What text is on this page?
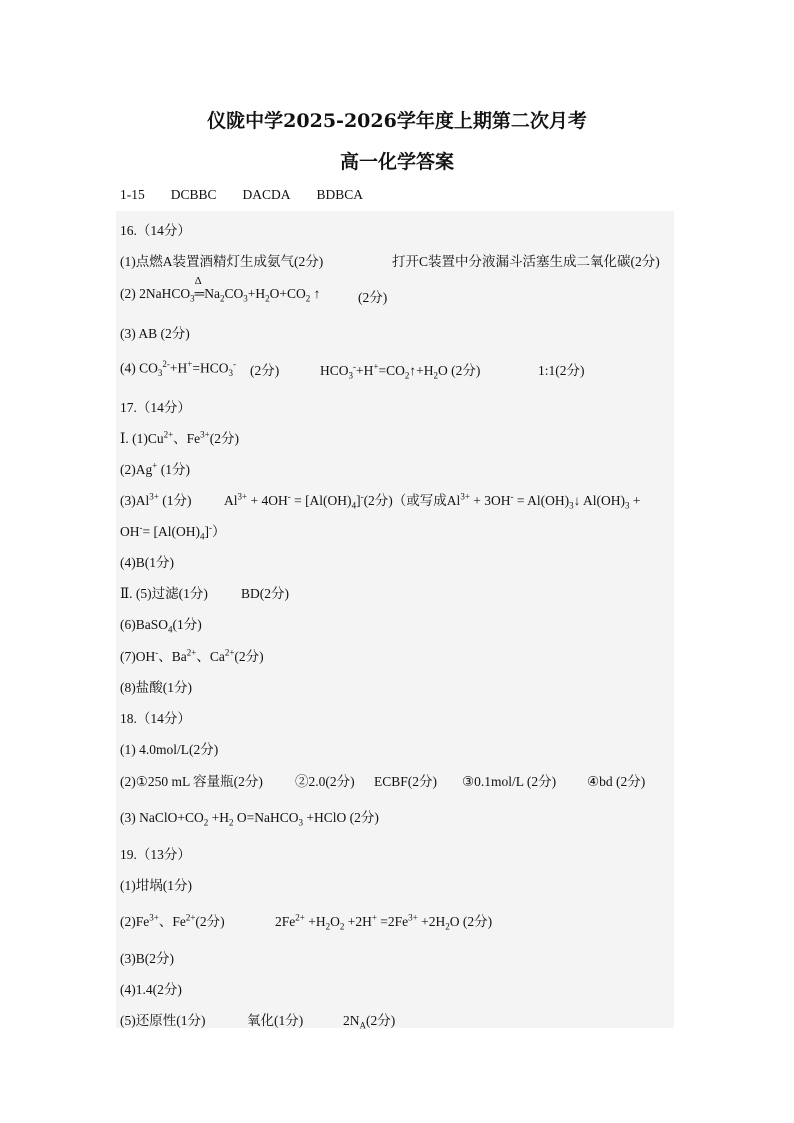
仪陇中学2025-2026学年度上期第二次月考
高一化学答案
1-15 DCBBC DACDA BDBCA
16.（14分）
(1)点燃A装置酒精灯生成氨气(2分)	打开C装置中分液漏斗活塞生成二氧化碳(2分)
(2) 2NaHCO$_3$
Δ
$═Na_2CO_3+H_2O+CO_2$ ↑	(2分)
(3) AB (2分)
(4) $CO_3^{2-}+H^+=HCO_3^-$ (2分)	$HCO_3^-+H^+=CO_2↑+H_2O$ (2分)	1:1(2分)
17.（14分）
Ⅰ. $(1)Cu^{2+}$、$Fe^{3+}(2$分)
(2)Ag+ (1分)
$(3)Al^{3+}$ (1分) $Al^{3+} + 4OH^- = [Al(OH)_4]^-(2$分)（或写成$Al^{3+} + 3OH^-$ = $Al(OH)_3↓$ $Al(OH)_3$ +
$OH^-= [Al(OH)_4]^-$）
(4)B(1分)
Ⅱ. (5)过滤(1分) BD(2分)
(6)BaSO$_4$(1分)
(7)OH-、$Ba^{2+}$、$Ca^{2+}(2$分)
(8)盐酸(1分)
18.（14分）
(1) 4.0mol/L(2分)
(2)①250 mL 容量瓶(2分) ②2.0(2分) ECBF(2分) ③0.1mol/L (2分) ④bd (2分)
(3) $NaClO+CO_2 +H_2$ O=NaHCO$_3$ +HClO (2分)
19.（13分）
(1)坩埚(1分)
$(2)Fe^{3+}$、$Fe^{2+}(2$分)	$2Fe^{2+} +H_2O_2 +2H^+ =2Fe^{3+} +2H_2O$ (2分)
(3)B(2分)
(4)1.4(2分)
(5)还原性(1分)	氧化(1分)	$2N_A(2$分)
